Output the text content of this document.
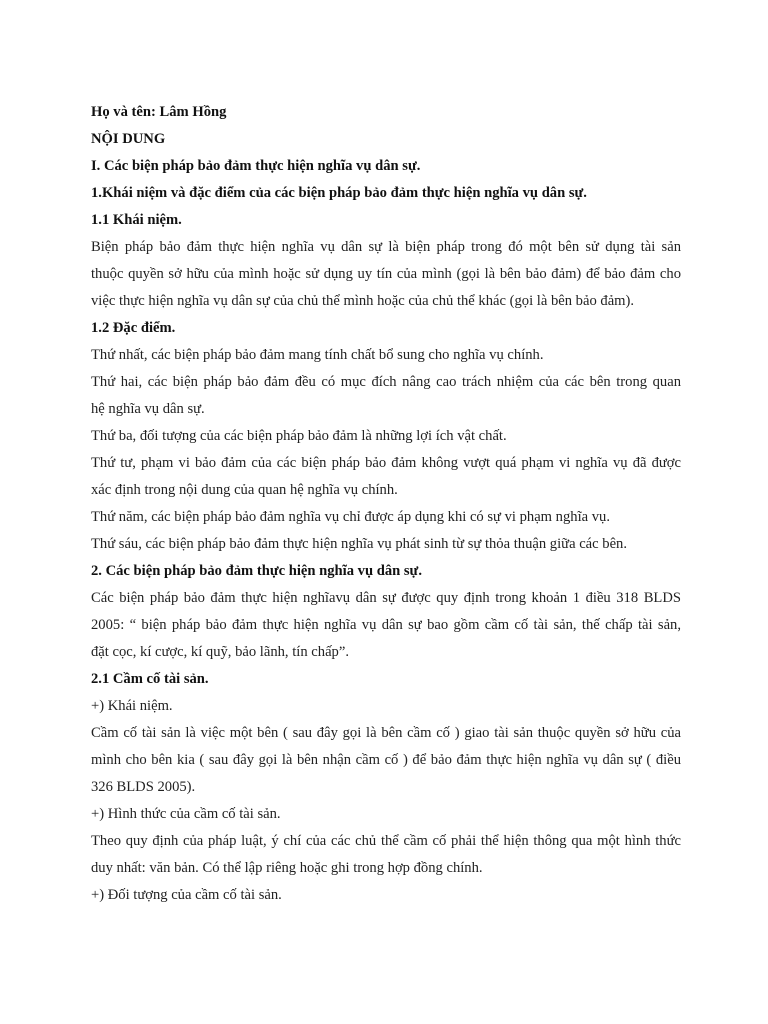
Họ và tên: Lâm Hồng
NỘI DUNG
I. Các biện pháp bảo đảm thực hiện nghĩa vụ dân sự.
1.Khái niệm và đặc điểm của các biện pháp bảo đảm thực hiện nghĩa vụ dân sự.
1.1 Khái niệm.
Biện pháp bảo đảm thực hiện nghĩa vụ dân sự là biện pháp trong đó một bên sử dụng tài sản
thuộc quyền sở hữu của mình hoặc sử dụng uy tín của mình (gọi là bên bảo đảm) để bảo đảm cho
việc thực hiện nghĩa vụ dân sự của chủ thể mình hoặc của chủ thể khác (gọi là bên bảo đảm).
1.2 Đặc điểm.
Thứ nhất, các biện pháp bảo đảm mang tính chất bổ sung cho nghĩa vụ chính.
Thứ hai, các biện pháp bảo đảm đều có mục đích nâng cao trách nhiệm của các bên trong quan
hệ nghĩa vụ dân sự.
Thứ ba, đối tượng của các biện pháp bảo đảm là những lợi ích vật chất.
Thứ tư, phạm vi bảo đảm của các biện pháp bảo đảm không vượt quá phạm vi nghĩa vụ đã được
xác định trong nội dung của quan hệ nghĩa vụ chính.
Thứ năm, các biện pháp bảo đảm nghĩa vụ chỉ được áp dụng khi có sự vi phạm nghĩa vụ.
Thứ sáu, các biện pháp bảo đảm thực hiện nghĩa vụ phát sinh từ sự thỏa thuận giữa các bên.
2. Các biện pháp bảo đảm thực hiện nghĩa vụ dân sự.
Các biện pháp bảo đảm thực hiện nghĩavụ dân sự được quy định trong khoản 1 điều 318 BLDS
2005: “ biện pháp bảo đảm thực hiện nghĩa vụ dân sự bao gồm cầm cố tài sản, thế chấp tài sản,
đặt cọc, kí cược, kí quỹ, bảo lãnh, tín chấp”.
2.1 Cầm cố tài sản.
+) Khái niệm.
Cầm cố tài sản là việc một bên ( sau đây gọi là bên cầm cố ) giao tài sản thuộc quyền sở hữu của
mình cho bên kia ( sau đây gọi là bên nhận cầm cố ) để bảo đảm thực hiện nghĩa vụ dân sự ( điều
326 BLDS 2005).
+) Hình thức của cầm cố tài sản.
Theo quy định của pháp luật, ý chí của các chủ thể cầm cố phải thể hiện thông qua một hình thức
duy nhất: văn bản. Có thể lập riêng hoặc ghi trong hợp đồng chính.
+) Đối tượng của cầm cố tài sản.
